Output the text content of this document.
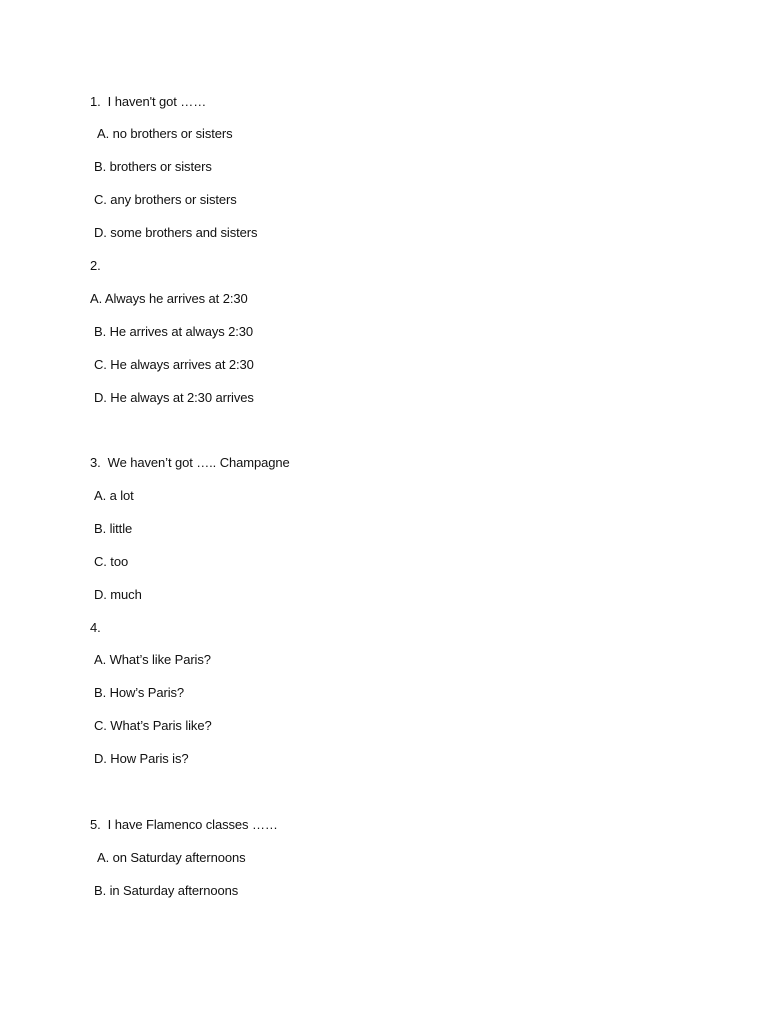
1.  I haven't got ……
A. no brothers or sisters
B. brothers or sisters
C. any brothers or sisters
D. some brothers and sisters
2.
A. Always he arrives at 2:30
B. He arrives at always 2:30
C. He always arrives at 2:30
D. He always at 2:30 arrives
3.  We haven’t got ….. Champagne
A. a lot
B. little
C. too
D. much
4.
A. What’s like Paris?
B. How’s Paris?
C. What’s Paris like?
D. How Paris is?
5.  I have Flamenco classes ……
A. on Saturday afternoons
B. in Saturday afternoons
